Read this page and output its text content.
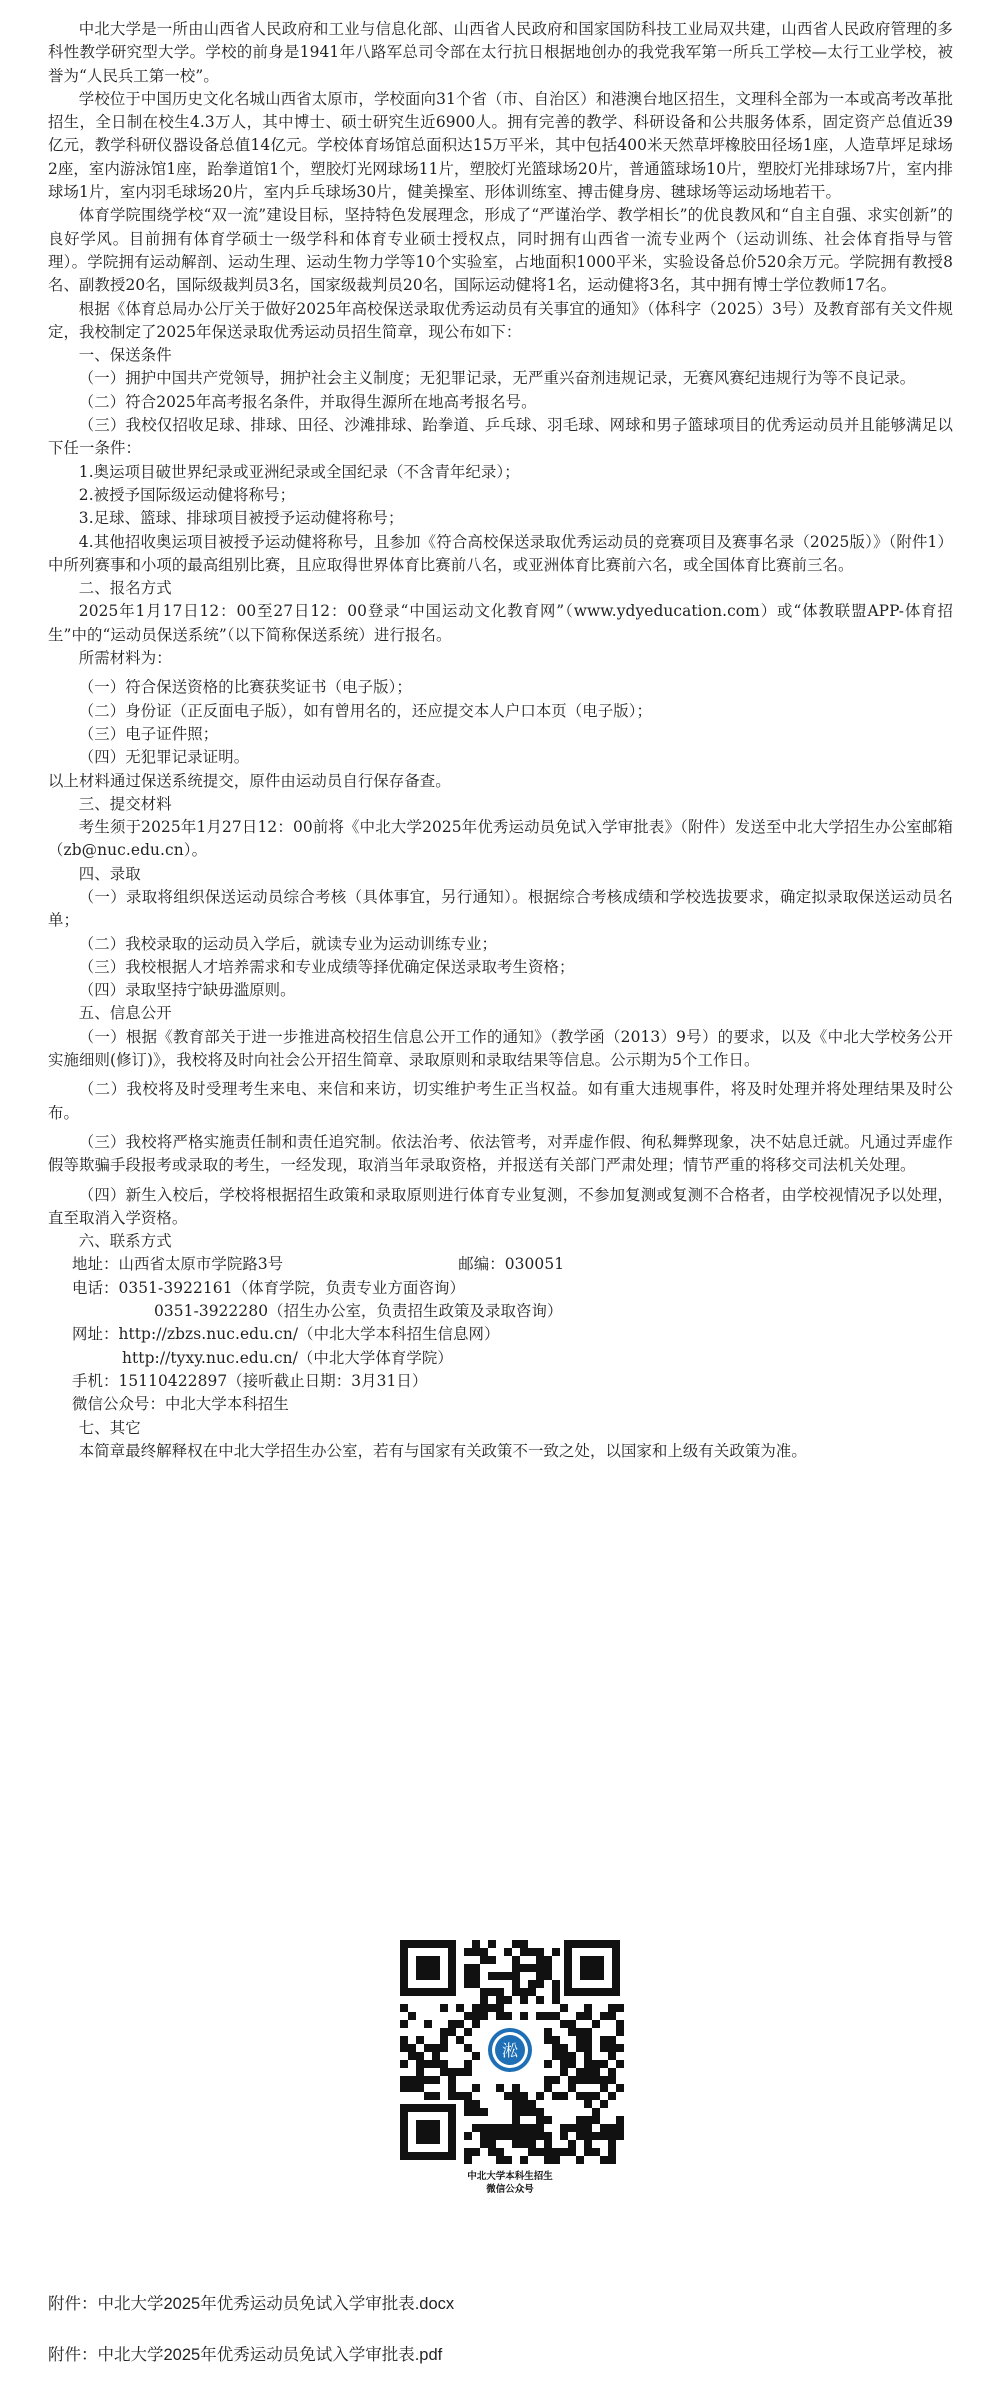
中北大学是一所由山西省人民政府和工业与信息化部、山西省人民政府和国家国防科技工业局双共建，山西省人民政府管理的多科性教学研究型大学。学校的前身是1941年八路军总司令部在太行抗日根据地创办的我党我军第一所兵工学校—太行工业学校，被誉为“人民兵工第一校”。

学校位于中国历史文化名城山西省太原市，学校面向31个省（市、自治区）和港澳台地区招生，文理科全部为一本或高考改革批招生，全日制在校生4.3万人，其中博士、硕士研究生近6900人。拥有完善的教学、科研设备和公共服务体系，固定资产总值近39亿元，教学科研仪器设备总值14亿元。学校体育场馆总面积达15万平米，其中包括400米天然草坪橡胶田径场1座，人造草坪足球场2座，室内游泳馆1座，跆拳道馆1个，塑胶灯光网球场11片，塑胶灯光篮球场20片，普通篮球场10片，塑胶灯光排球场7片，室内排球场1片，室内羽毛球场20片，室内乒乓球场30片，健美操室、形体训练室、搏击健身房、毽球场等运动场地若干。

体育学院围绕学校“双一流”建设目标，坚持特色发展理念，形成了“严谨治学、教学相长”的优良教风和“自主自强、求实创新”的良好学风。目前拥有体育学硕士一级学科和体育专业硕士授权点，同时拥有山西省一流专业两个（运动训练、社会体育指导与管理）。学院拥有运动解剖、运动生理、运动生物力学等10个实验室，占地面积1000平米，实验设备总价520余万元。学院拥有教授8名、副教授20名，国际级裁判员3名，国家级裁判员20名，国际运动健将1名，运动健将3名，其中拥有博士学位教师17名。

根据《体育总局办公厅关于做好2025年高校保送录取优秀运动员有关事宜的通知》（体科字（2025）3号）及教育部有关文件规定，我校制定了2025年保送录取优秀运动员招生简章，现公布如下：

一、保送条件

（一）拥护中国共产党领导，拥护社会主义制度；无犯罪记录，无严重兴奋剂违规记录，无赛风赛纪违规行为等不良记录。

（二）符合2025年高考报名条件，并取得生源所在地高考报名号。

（三）我校仅招收足球、排球、田径、沙滩排球、跆拳道、乒乓球、羽毛球、网球和男子篮球项目的优秀运动员并且能够满足以下任一条件：

1.奥运项目破世界纪录或亚洲纪录或全国纪录（不含青年纪录）；

2.被授予国际级运动健将称号；

3.足球、篮球、排球项目被授予运动健将称号；

4.其他招收奥运项目被授予运动健将称号，且参加《符合高校保送录取优秀运动员的竞赛项目及赛事名录（2025版）》（附件1）中所列赛事和小项的最高组别比赛，且应取得世界体育比赛前八名，或亚洲体育比赛前六名，或全国体育比赛前三名。

二、报名方式

2025年1月17日12：00至27日12：00登录“中国运动文化教育网”（www.ydyeducation.com）或“体教联盟APP-体育招生”中的“运动员保送系统”（以下简称保送系统）进行报名。

所需材料为：

（一）符合保送资格的比赛获奖证书（电子版）；

（二）身份证（正反面电子版），如有曾用名的，还应提交本人户口本页（电子版）；

（三）电子证件照；

（四）无犯罪记录证明。

以上材料通过保送系统提交，原件由运动员自行保存备查。

三、提交材料

考生须于2025年1月27日12：00前将《中北大学2025年优秀运动员免试入学审批表》（附件）发送至中北大学招生办公室邮箱（zb@nuc.edu.cn）。

四、录取

（一）录取将组织保送运动员综合考核（具体事宜，另行通知）。根据综合考核成绩和学校选拔要求，确定拟录取保送运动员名单；

（二）我校录取的运动员入学后，就读专业为运动训练专业；

（三）我校根据人才培养需求和专业成绩等择优确定保送录取考生资格；

（四）录取坚持宁缺毋滥原则。

五、信息公开

（一）根据《教育部关于进一步推进高校招生信息公开工作的通知》（教学函（2013）9号）的要求，以及《中北大学校务公开实施细则(修订)》，我校将及时向社会公开招生简章、录取原则和录取结果等信息。公示期为5个工作日。

（二）我校将及时受理考生来电、来信和来访，切实维护考生正当权益。如有重大违规事件，将及时处理并将处理结果及时公布。

（三）我校将严格实施责任制和责任追究制。依法治考、依法管考，对弄虚作假、徇私舞弊现象，决不姑息迁就。凡通过弄虚作假等欺骗手段报考或录取的考生，一经发现，取消当年录取资格，并报送有关部门严肃处理；情节严重的将移交司法机关处理。

（四）新生入校后，学校将根据招生政策和录取原则进行体育专业复测，不参加复测或复测不合格者，由学校视情况予以处理，直至取消入学资格。

六、联系方式

地址：山西省太原市学院路3号	邮编：030051
电话：0351-3922161（体育学院，负责专业方面咨询）
0351-3922280（招生办公室，负责招生政策及录取咨询）
网址：http://zbzs.nuc.edu.cn/（中北大学本科招生信息网）
http://tyxy.nuc.edu.cn/（中北大学体育学院）
手机：15110422897（接听截止日期：3月31日）
微信公众号：中北大学本科招生

七、其它

本简章最终解释权在中北大学招生办公室，若有与国家有关政策不一致之处，以国家和上级有关政策为准。

淞
中北大学本科生招生
微信公众号
附件：中北大学2025年优秀运动员免试入学审批表.docx
附件：中北大学2025年优秀运动员免试入学审批表.pdf
